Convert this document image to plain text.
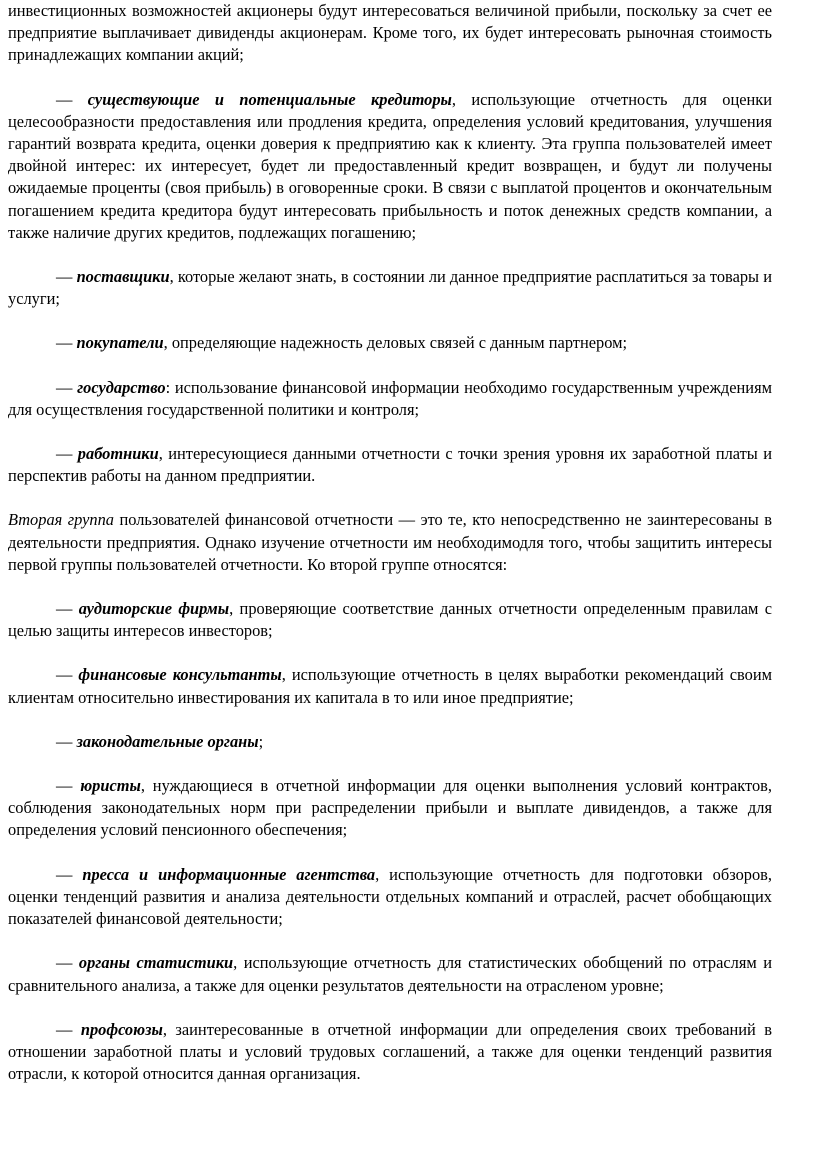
инвестиционных возможностей акционеры будут интересоваться величиной прибыли, поскольку за счет ее предприятие выплачивает дивиденды акционерам. Кроме того, их будет интересовать рыночная стоимость принадлежащих компании акций;

— существующие и потенциальные кредиторы, использующие отчетность для оценки целесообразности предоставления или продления кредита, определения условий кредитования, улучшения гарантий возврата кредита, оценки доверия к предприятию как к клиенту. Эта группа пользователей имеет двойной интерес: их интересует, будет ли предоставленный кредит возвращен, и будут ли получены ожидаемые проценты (своя прибыль) в оговоренные сроки. В связи с выплатой процентов и окончательным погашением кредита кредитора будут интересовать прибыльность и поток денежных средств компании, а также наличие других кредитов, подлежащих погашению;

— поставщики, которые желают знать, в состоянии ли данное предприятие расплатиться за товары и услуги;

— покупатели, определяющие надежность деловых связей с данным партнером;

— государство: использование финансовой информации необходимо государственным учреждениям для осуществления государственной политики и контроля;

— работники, интересующиеся данными отчетности с точки зрения уровня их заработной платы и перспектив работы на данном предприятии.

Вторая группа пользователей финансовой отчетности — это те, кто непосредственно не заинтересованы в деятельности предприятия. Однако изучение отчетности им необходимодля того, чтобы защитить интересы первой группы пользователей отчетности. Ко второй группе относятся:

— аудиторские фирмы, проверяющие соответствие данных отчетности определенным правилам с целью защиты интересов инвесторов;

— финансовые консультанты, использующие отчетность в целях выработки рекомендаций своим клиентам относительно инвестирования их капитала в то или иное предприятие;

— законодательные органы;

— юристы, нуждающиеся в отчетной информации для оценки выполнения условий контрактов, соблюдения законодательных норм при распределении прибыли и выплате дивидендов, а также для определения условий пенсионного обеспечения;

— пресса и информационные агентства, использующие отчетность для подготовки обзоров, оценки тенденций развития и анализа деятельности отдельных компаний и отраслей, расчет обобщающих показателей финансовой деятельности;

— органы статистики, использующие отчетность для статистических обобщений по отраслям и сравнительного анализа, а также для оценки результатов деятельности на отрасленом уровне;

— профсоюзы, заинтересованные в отчетной информации дли определения своих требований в отношении заработной платы и условий трудовых соглашений, а также для оценки тенденций развития отрасли, к которой относится данная организация.
